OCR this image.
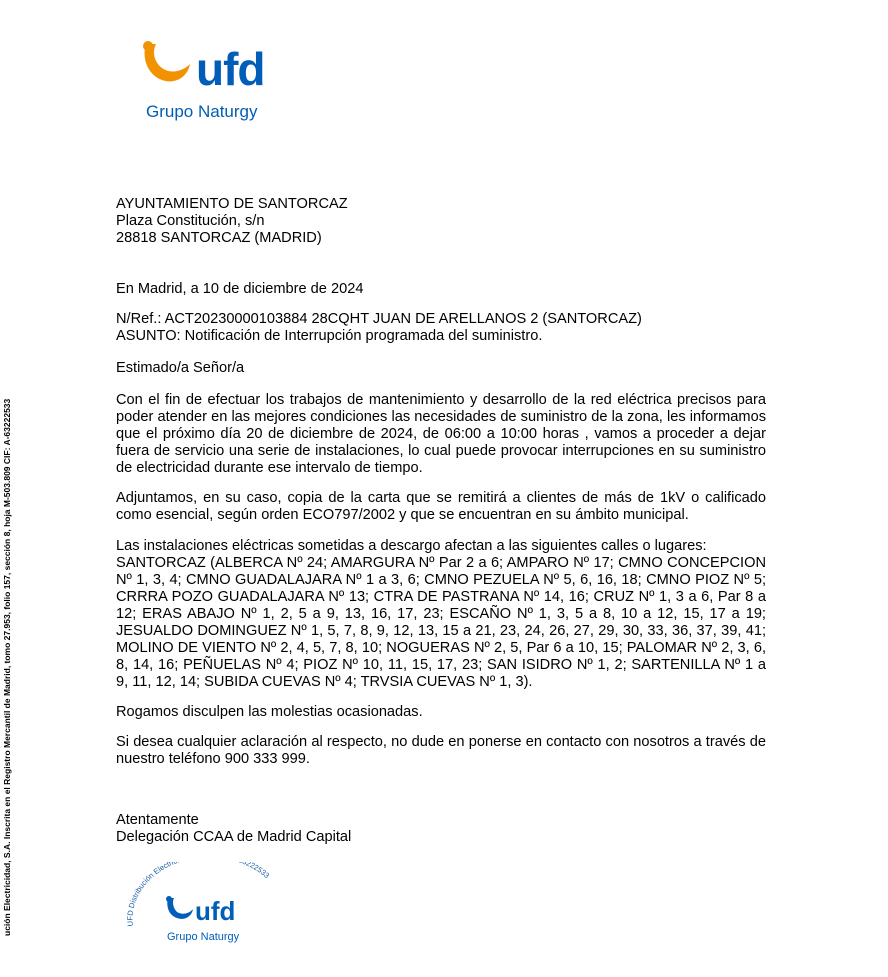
ufd
Grupo Naturgy
ución Electricidad, S.A. Inscrita en el Registro Mercantil de Madrid, tomo 27.953, folio 157, sección 8, hoja M-503.809 CIF: A-63222533

AYUNTAMIENTO DE SANTORCAZ

Plaza Constitución, s/n

28818 SANTORCAZ (MADRID)

En Madrid, a 10 de diciembre de 2024

N/Ref.: ACT20230000103884 28CQHT JUAN DE ARELLANOS 2 (SANTORCAZ)

ASUNTO: Notificación de Interrupción programada del suministro.

Estimado/a Señor/a

Con el fin de efectuar los trabajos de mantenimiento y desarrollo de la red eléctrica precisos para poder atender en las mejores condiciones las necesidades de suministro de la zona, les informamos que el próximo día 20 de diciembre de 2024, de 06:00 a 10:00 horas , vamos a proceder a dejar fuera de servicio una serie de instalaciones, lo cual puede provocar interrupciones en su suministro de electricidad durante ese intervalo de tiempo.

Adjuntamos, en su caso, copia de la carta que se remitirá a clientes de más de 1kV o calificado como esencial, según orden ECO797/2002 y que se encuentran en su ámbito municipal.

Las instalaciones eléctricas sometidas a descargo afectan a las siguientes calles o lugares:

SANTORCAZ (ALBERCA Nº 24; AMARGURA Nº Par 2 a 6; AMPARO Nº 17; CMNO CONCEPCION Nº 1, 3, 4; CMNO GUADALAJARA Nº 1 a 3, 6; CMNO PEZUELA Nº 5, 6, 16, 18; CMNO PIOZ Nº 5; CRRRA POZO GUADALAJARA Nº 13; CTRA DE PASTRANA Nº 14, 16; CRUZ Nº 1, 3 a 6, Par 8 a 12; ERAS ABAJO Nº 1, 2, 5 a 9, 13, 16, 17, 23; ESCAÑO Nº 1, 3, 5 a 8, 10 a 12, 15, 17 a 19; JESUALDO DOMINGUEZ Nº 1, 5, 7, 8, 9, 12, 13, 15 a 21, 23, 24, 26, 27, 29, 30, 33, 36, 37, 39, 41; MOLINO DE VIENTO Nº 2, 4, 5, 7, 8, 10; NOGUERAS Nº 2, 5, Par 6 a 10, 15; PALOMAR Nº 2, 3, 6, 8, 14, 16; PEÑUELAS Nº 4; PIOZ Nº 10, 11, 15, 17, 23; SAN ISIDRO Nº 1, 2; SARTENILLA Nº 1 a 9, 11, 12, 14; SUBIDA CUEVAS Nº 4; TRVSIA CUEVAS Nº 1, 3).

Rogamos disculpen las molestias ocasionadas.

Si desea cualquier aclaración al respecto, no dude en ponerse en contacto con nosotros a través de nuestro teléfono 900 333 999.

Atentamente

Delegación CCAA de Madrid Capital

UFD Distribución Electri 222533
ufd
Grupo Naturgy
